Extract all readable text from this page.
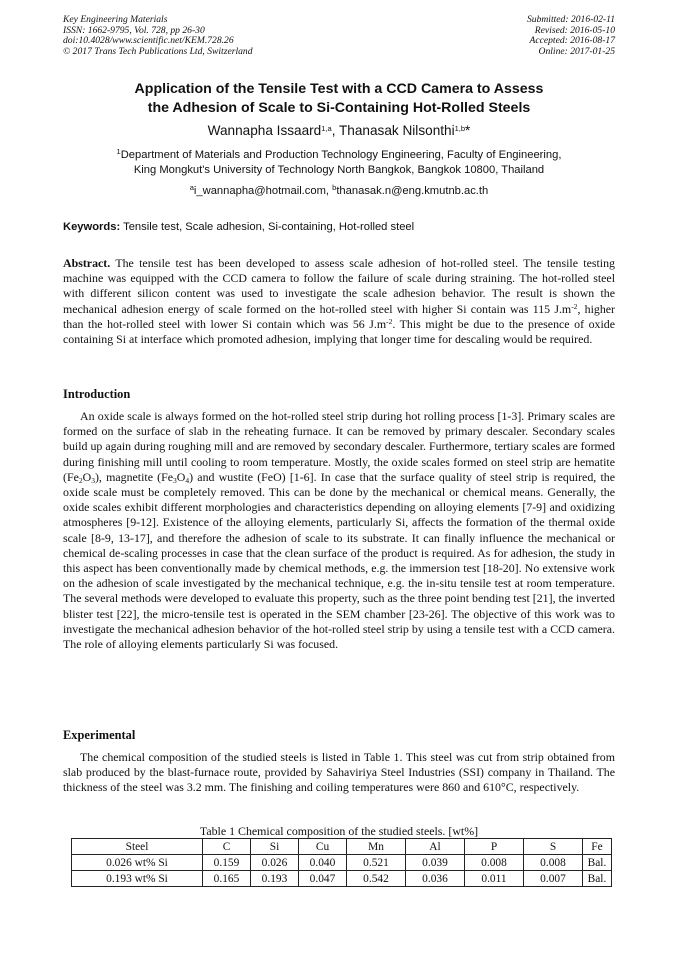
Key Engineering Materials
ISSN: 1662-9795, Vol. 728, pp 26-30
doi:10.4028/www.scientific.net/KEM.728.26
© 2017 Trans Tech Publications Ltd, Switzerland
Submitted: 2016-02-11
Revised: 2016-05-10
Accepted: 2016-08-17
Online: 2017-01-25
Application of the Tensile Test with a CCD Camera to Assess
the Adhesion of Scale to Si-Containing Hot-Rolled Steels
Wannapha Issaard$^{1,a}$, Thanasak Nilsonthi$^{1,b}$*
$^1$Department of Materials and Production Technology Engineering, Faculty of Engineering,
King Mongkut's University of Technology North Bangkok, Bangkok 10800, Thailand
$^a$i_wannapha@hotmail.com, $^b$thanasak.n@eng.kmutnb.ac.th
Keywords: Tensile test, Scale adhesion, Si-containing, Hot-rolled steel
Abstract. The tensile test has been developed to assess scale adhesion of hot-rolled steel. The tensile testing machine was equipped with the CCD camera to follow the failure of scale during straining. The hot-rolled steel with different silicon content was used to investigate the scale adhesion behavior. The result is shown the mechanical adhesion energy of scale formed on the hot-rolled steel with higher Si contain was 115 $J.m^{-2}$, higher than the hot-rolled steel with lower Si contain which was 56 $J.m^{-2}$. This might be due to the presence of oxide containing Si at interface which promoted adhesion, implying that longer time for descaling would be required.
Introduction
An oxide scale is always formed on the hot-rolled steel strip during hot rolling process [1-3]. Primary scales are formed on the surface of slab in the reheating furnace. It can be removed by primary descaler. Secondary scales build up again during roughing mill and are removed by secondary descaler. Furthermore, tertiary scales are formed during finishing mill until cooling to room temperature. Mostly, the oxide scales formed on steel strip are hematite $(Fe_2O_3)$, magnetite $(Fe_3O_4)$ and wustite (FeO) [1-6]. In case that the surface quality of steel strip is required, the oxide scale must be completely removed. This can be done by the mechanical or chemical means. Generally, the oxide scales exhibit different morphologies and characteristics depending on alloying elements [7-9] and oxidizing atmospheres [9-12]. Existence of the alloying elements, particularly Si, affects the formation of the thermal oxide scale [8-9, 13-17], and therefore the adhesion of scale to its substrate. It can finally influence the mechanical or chemical de-scaling processes in case that the clean surface of the product is required. As for adhesion, the study in this aspect has been conventionally made by chemical methods, e.g. the immersion test [18-20]. No extensive work on the adhesion of scale investigated by the mechanical technique, e.g. the in-situ tensile test at room temperature. The several methods were developed to evaluate this property, such as the three point bending test [21], the inverted blister test [22], the micro-tensile test is operated in the SEM chamber [23-26]. The objective of this work was to investigate the mechanical adhesion behavior of the hot-rolled steel strip by using a tensile test with a CCD camera. The role of alloying elements particularly Si was focused.
Experimental
The chemical composition of the studied steels is listed in Table 1. This steel was cut from strip obtained from slab produced by the blast-furnace route, provided by Sahaviriya Steel Industries (SSI) company in Thailand. The thickness of the steel was 3.2 mm. The finishing and coiling temperatures were 860 and 610°C, respectively.
Table 1 Chemical composition of the studied steels. [wt%]
Steel	C	Si	Cu	Mn	Al	P	S	Fe
0.026 wt% Si	0.159	0.026	0.040	0.521	0.039	0.008	0.008	Bal.
0.193 wt% Si	0.165	0.193	0.047	0.542	0.036	0.011	0.007	Bal.
